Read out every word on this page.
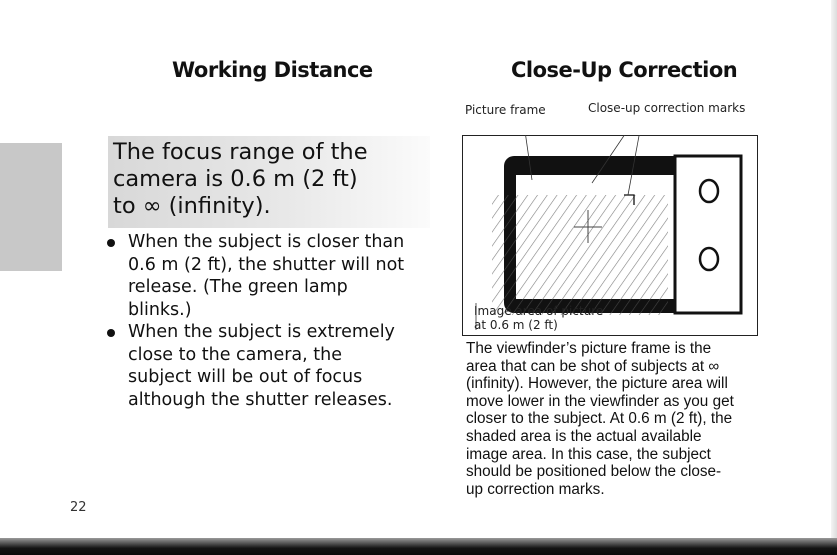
Working Distance
The focus range of the
camera is 0.6 m (2 ft)
to ∞ (infinity).
When the subject is closer than
0.6 m (2 ft), the shutter will not
release. (The green lamp
blinks.)
When the subject is extremely
close to the camera, the
subject will be out of focus
although the shutter releases.
Close-Up Correction
Picture frame	Close-up correction marks
Image area of picture
at 0.6 m (2 ft)
The viewfinder’s picture frame is the
area that can be shot of subjects at ∞
(infinity). However, the picture area will
move lower in the viewfinder as you get
closer to the subject. At 0.6 m (2 ft), the
shaded area is the actual available
image area. In this case, the subject
should be positioned below the close-
up correction marks.
22
